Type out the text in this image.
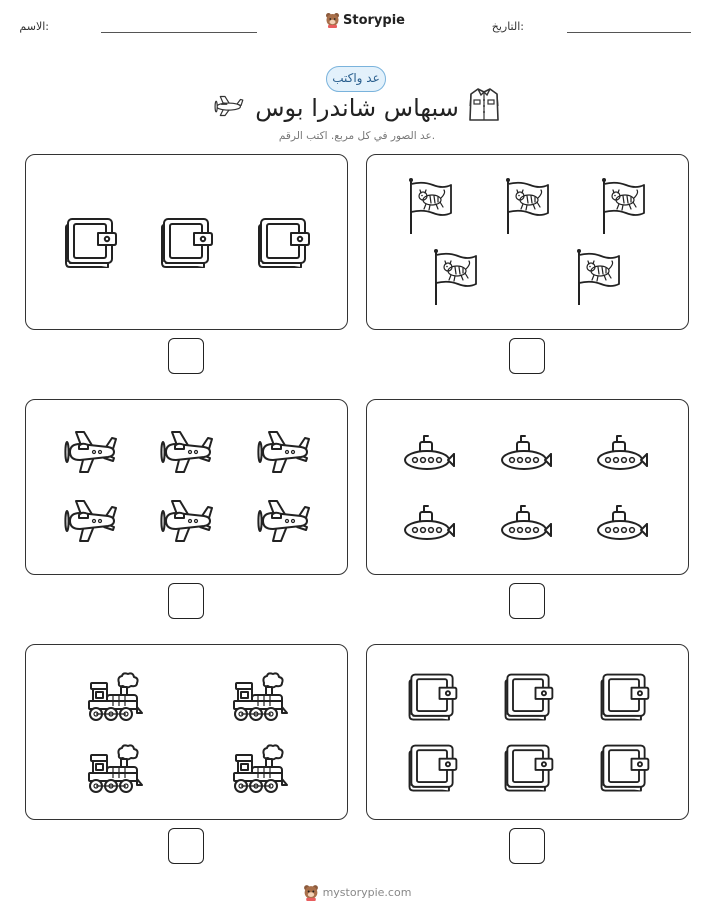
الاسم:	Storypie	التاريخ:
عد واكتب
سبهاس شاندرا بوس
عد الصور في كل مربع. اكتب الرقم.
mystorypie.com
